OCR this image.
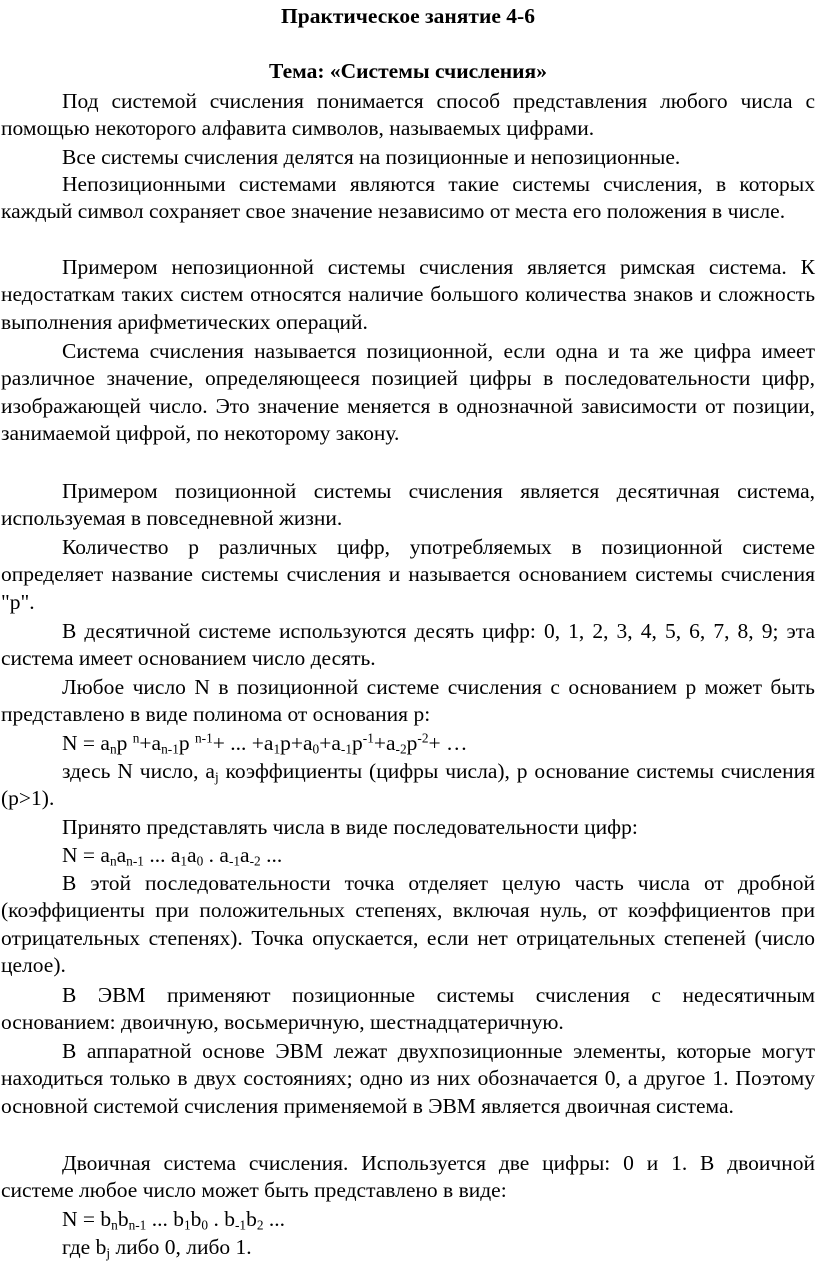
Практическое занятие 4-6
Тема: «Системы счисления»

Под системой счисления понимается способ представления любого числа с помощью некоторого алфавита символов, называемых цифрами.

Все системы счисления делятся на позиционные и непозиционные.

Непозиционными системами являются такие системы счисления, в которых каждый символ сохраняет свое значение независимо от места его положения в числе.

Примером непозиционной системы счисления является римская система. К недостаткам таких систем относятся наличие большого количества знаков и сложность выполнения арифметических операций.

Система счисления называется позиционной, если одна и та же цифра имеет различное значение, определяющееся позицией цифры в последовательности цифр, изображающей число. Это значение меняется в однозначной зависимости от позиции, занимаемой цифрой, по некоторому закону.

Примером позиционной системы счисления является десятичная система, используемая в повседневной жизни.

Количество p различных цифр, употребляемых в позиционной системе определяет название системы счисления и называется основанием системы счисления "p".

В десятичной системе используются десять цифр: 0, 1, 2, 3, 4, 5, 6, 7, 8, 9; эта система имеет основанием число десять.

Любое число N в позиционной системе счисления с основанием p может быть представлено в виде полинома от основания p:

$N = a_np$ $^n+a_{n-1}p$ $^{n-1}$+ ... $+a_1p+a_0+a_{-1}p^{-1}+a_{-2}p^{-2}+$ …

здесь N число, $a_j$ коэффициенты (цифры числа), p основание системы счисления (p>1).

Принято представлять числа в виде последовательности цифр:

$N = a_na_{n-1}$ ... $a_1a_0$ . $a_{-1}a_{-2}$ ...

В этой последовательности точка отделяет целую часть числа от дробной (коэффициенты при положительных степенях, включая нуль, от коэффициентов при отрицательных степенях). Точка опускается, если нет отрицательных степеней (число целое).

В ЭВМ применяют позиционные системы счисления с недесятичным основанием: двоичную, восьмеричную, шестнадцатеричную.

В аппаратной основе ЭВМ лежат двухпозиционные элементы, которые могут находиться только в двух состояниях; одно из них обозначается 0, а другое 1. Поэтому основной системой счисления применяемой в ЭВМ является двоичная система.

Двоичная система счисления. Используется две цифры: 0 и 1. В двоичной системе любое число может быть представлено в виде:

$N = b_nb_{n-1}$ ... $b_1b_0$ . $b_{-1}b_2$ ...

где $b_j$ либо 0, либо 1.
